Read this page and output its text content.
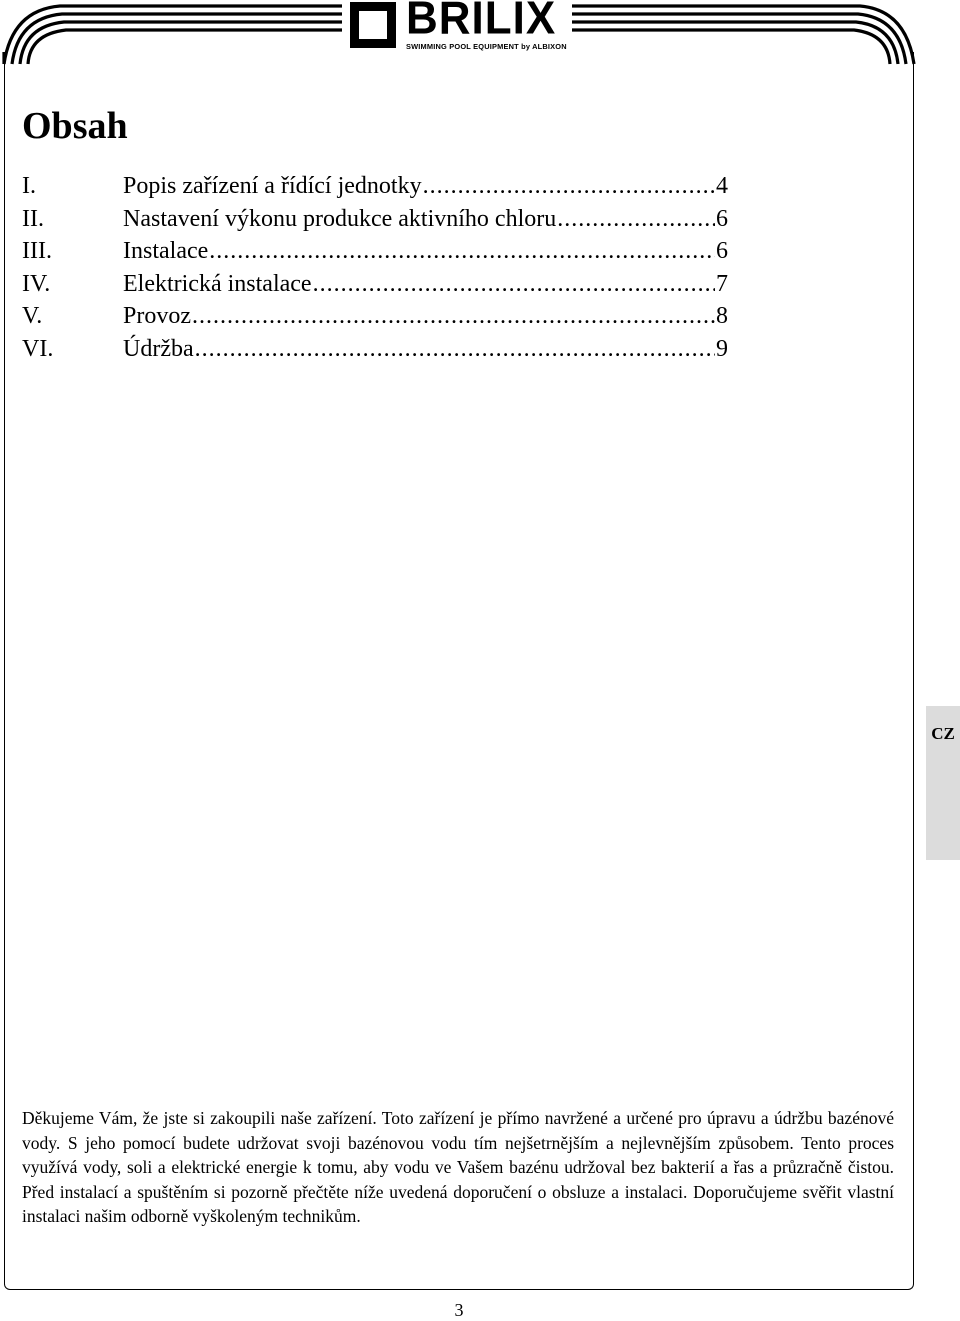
BRILIX
SWIMMING POOL EQUIPMENT by ALBIXON
Obsah
I.	Popis zařízení a řídící jednotky .....	4
II.	Nastavení výkonu produkce aktivního chloru .....	6
III.	Instalace .....	6
IV.	Elektrická instalace .....	7
V.	Provoz .....	8
VI.	Údržba .....	9
CZ

Děkujeme Vám, že jste si zakoupili naše zařízení. Toto zařízení je přímo navržené a určené pro úpravu a údržbu bazénové vody. S jeho pomocí budete udržovat svoji bazénovou vodu tím nejšetrnějším a nejlevnějším způsobem. Tento proces využívá vody, soli a elektrické energie k tomu, aby vodu ve Vašem bazénu udržoval bez bakterií a řas a průzračně čistou. Před instalací a spuštěním si pozorně přečtěte níže uvedená doporučení o obsluze a instalaci. Doporučujeme svěřit vlastní instalaci našim odborně vyškoleným technikům.

3
